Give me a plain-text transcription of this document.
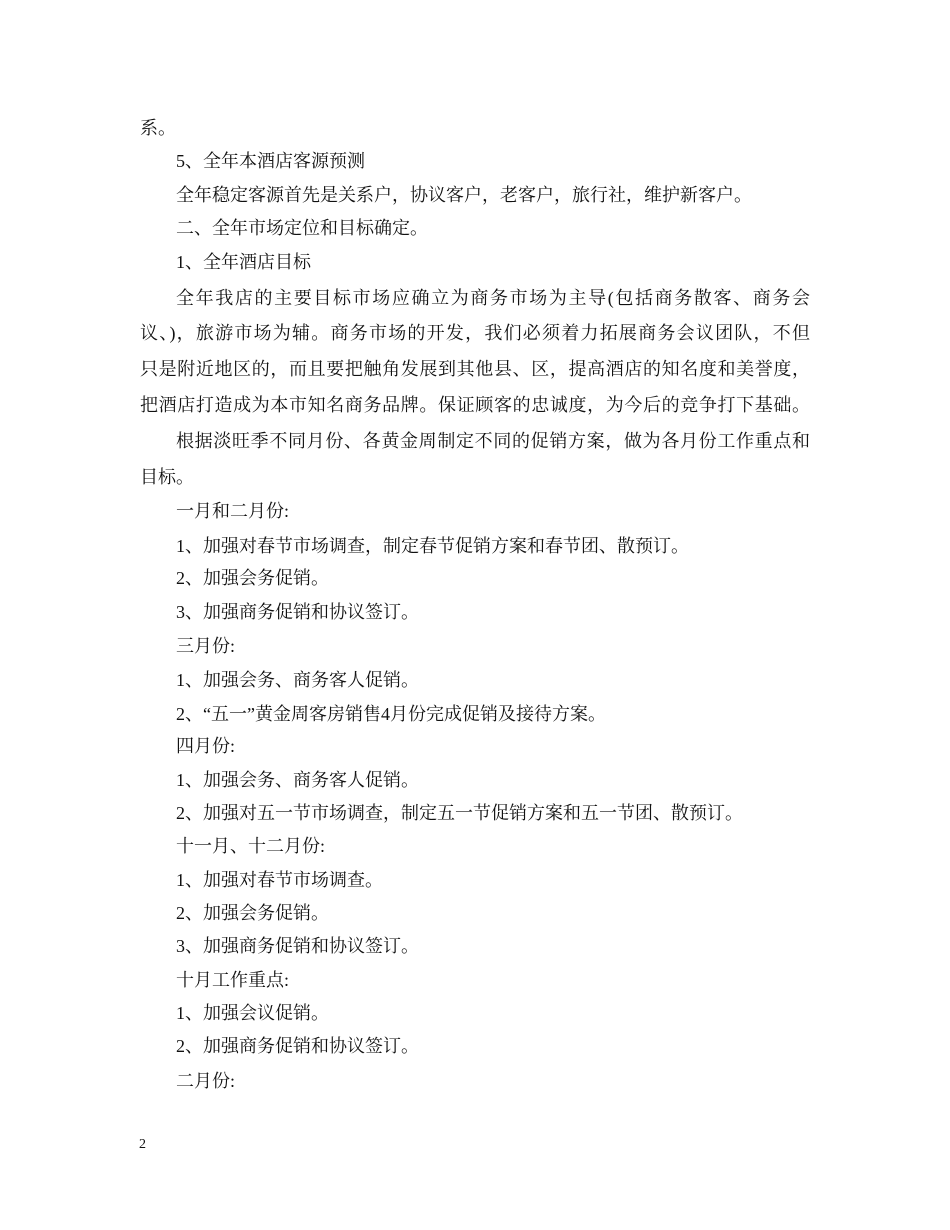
系。
5、全年本酒店客源预测
全年稳定客源首先是关系户，协议客户，老客户，旅行社，维护新客户。
二、全年市场定位和目标确定。
1、全年酒店目标
全年我店的主要目标市场应确立为商务市场为主导(包括商务散客、商务会
议、)，旅游市场为辅。商务市场的开发，我们必须着力拓展商务会议团队，不但
只是附近地区的，而且要把触角发展到其他县、区，提高酒店的知名度和美誉度，
把酒店打造成为本市知名商务品牌。保证顾客的忠诚度，为今后的竞争打下基础。
根据淡旺季不同月份、各黄金周制定不同的促销方案，做为各月份工作重点和
目标。
一月和二月份:
1、加强对春节市场调查，制定春节促销方案和春节团、散预订。
2、加强会务促销。
3、加强商务促销和协议签订。
三月份:
1、加强会务、商务客人促销。
2、“五一”黄金周客房销售4月份完成促销及接待方案。
四月份:
1、加强会务、商务客人促销。
2、加强对五一节市场调查，制定五一节促销方案和五一节团、散预订。
十一月、十二月份:
1、加强对春节市场调查。
2、加强会务促销。
3、加强商务促销和协议签订。
十月工作重点:
1、加强会议促销。
2、加强商务促销和协议签订。
二月份:
2
